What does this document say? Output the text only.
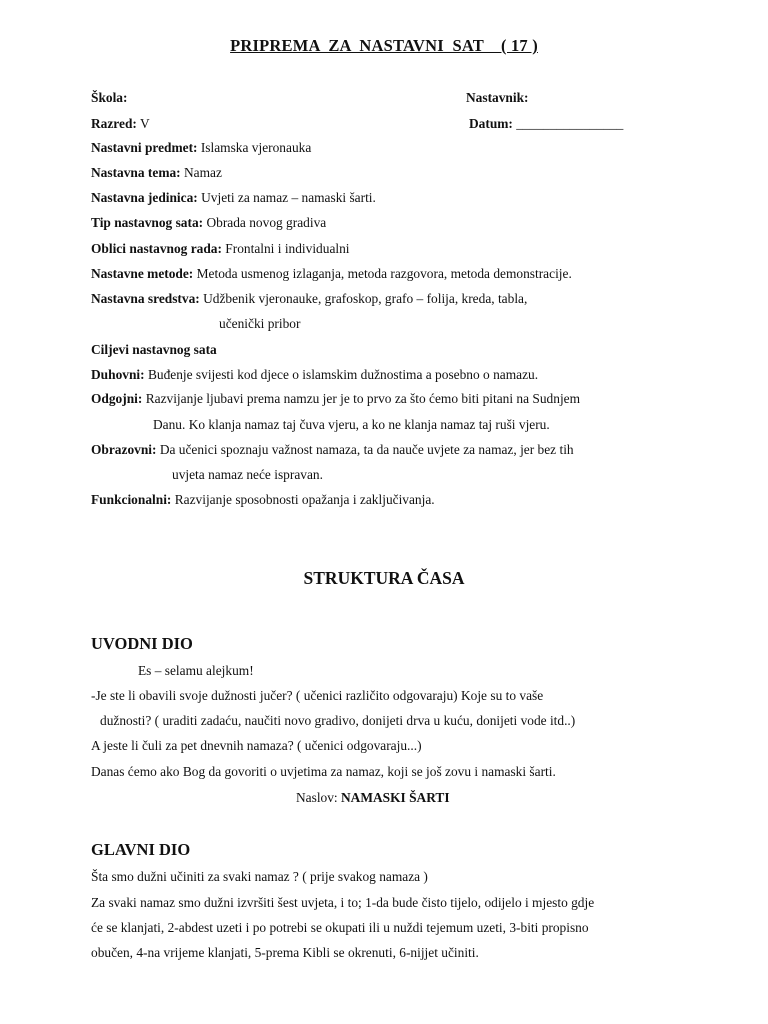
PRIPREMA  ZA  NASTAVNI  SAT    ( 17 )
Škola:	Nastavnik:
Razred: V	Datum: ________________
Nastavni predmet: Islamska vjeronauka
Nastavna tema: Namaz
Nastavna jedinica: Uvjeti za namaz – namaski šarti.
Tip nastavnog sata: Obrada novog gradiva
Oblici nastavnog rada: Frontalni i individualni
Nastavne metode: Metoda usmenog izlaganja, metoda razgovora, metoda demonstracije.
Nastavna sredstva: Udžbenik vjeronauke, grafoskop, grafo – folija, kreda, tabla,
učenički pribor
Ciljevi nastavnog sata
Duhovni: Buđenje svijesti kod djece o islamskim dužnostima a posebno o namazu.
Odgojni: Razvijanje ljubavi prema namzu jer je to prvo za što ćemo biti pitani na Sudnjem
Danu. Ko klanja namaz taj čuva vjeru, a ko ne klanja namaz taj ruši vjeru.
Obrazovni: Da učenici spoznaju važnost namaza, ta da nauče uvjete za namaz, jer bez tih
uvjeta namaz neće ispravan.
Funkcionalni: Razvijanje sposobnosti opažanja i zaključivanja.
STRUKTURA ČASA
UVODNI DIO
Es – selamu alejkum!
-Je ste li obavili svoje dužnosti jučer? ( učenici različito odgovaraju) Koje su to vaše
dužnosti? ( uraditi zadaću, naučiti novo gradivo, donijeti drva u kuću, donijeti vode itd..)
A jeste li čuli za pet dnevnih namaza? ( učenici odgovaraju...)
Danas ćemo ako Bog da govoriti o uvjetima za namaz, koji se još zovu i namaski šarti.
Naslov: NAMASKI ŠARTI
GLAVNI DIO
Šta smo dužni učiniti za svaki namaz ? ( prije svakog namaza )
Za svaki namaz smo dužni izvršiti šest uvjeta, i to; 1-da bude čisto tijelo, odijelo i mjesto gdje
će se klanjati, 2-abdest uzeti i po potrebi se okupati ili u nuždi tejemum uzeti, 3-biti propisno
obučen, 4-na vrijeme klanjati, 5-prema Kibli se okrenuti, 6-nijjet učiniti.
